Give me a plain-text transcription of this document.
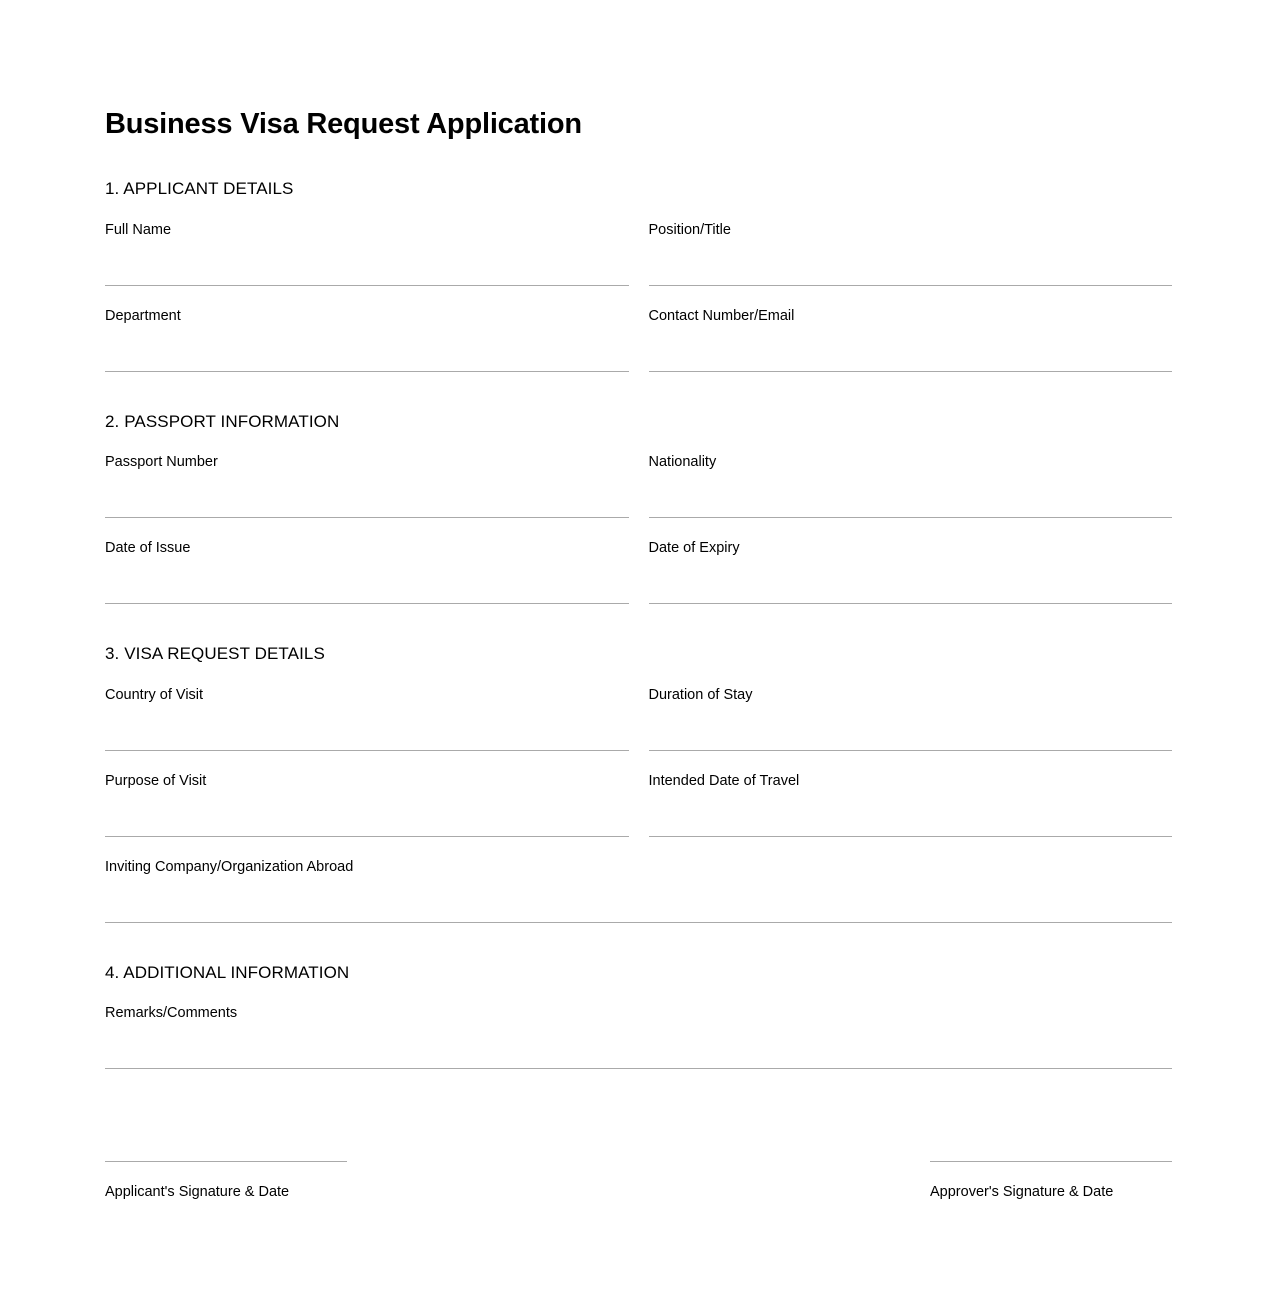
Business Visa Request Application
1. APPLICANT DETAILS
Full Name	Position/Title
Department	Contact Number/Email
2. PASSPORT INFORMATION
Passport Number	Nationality
Date of Issue	Date of Expiry
3. VISA REQUEST DETAILS
Country of Visit	Duration of Stay
Purpose of Visit	Intended Date of Travel
Inviting Company/Organization Abroad
4. ADDITIONAL INFORMATION
Remarks/Comments
Applicant's Signature & Date	Approver's Signature & Date
